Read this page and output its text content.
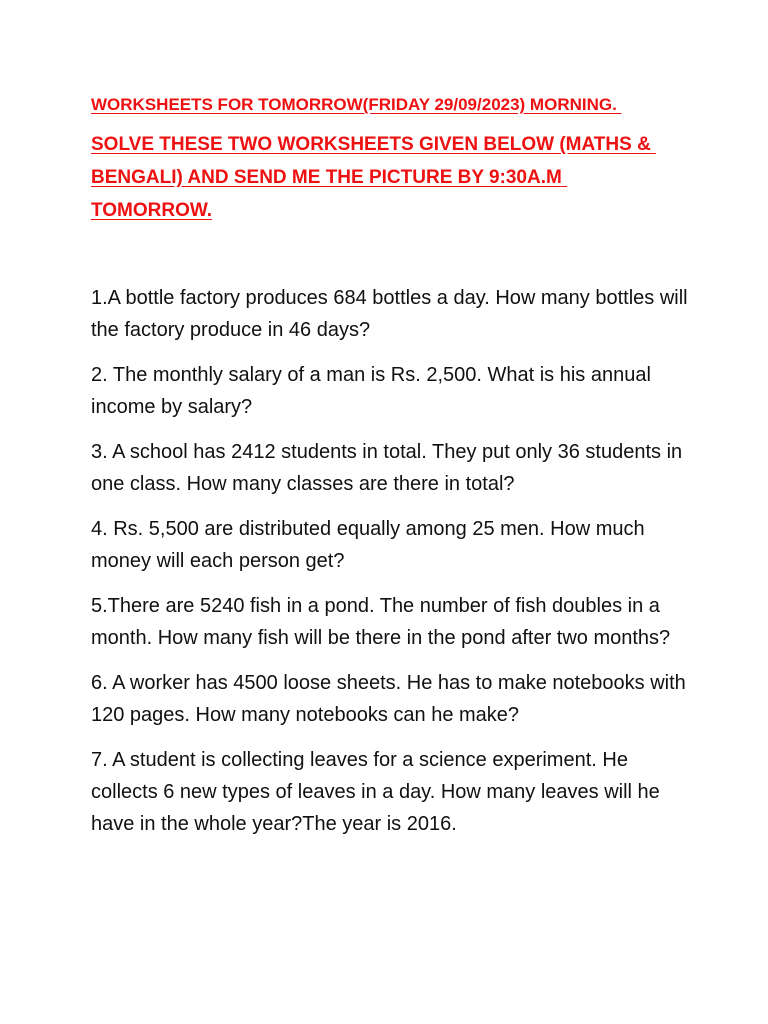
WORKSHEETS FOR TOMORROW(FRIDAY 29/09/2023) MORNING.

SOLVE THESE TWO WORKSHEETS GIVEN BELOW (MATHS & BENGALI) AND SEND ME THE PICTURE BY 9:30A.M TOMORROW.

1.A bottle factory produces 684 bottles a day. How many bottles will the factory produce in 46 days?

2. The monthly salary of a man is Rs. 2,500. What is his annual income by salary?

3. A school has 2412 students in total. They put only 36 students in one class. How many classes are there in total?

4. Rs. 5,500 are distributed equally among 25 men. How much money will each person get?

5.There are 5240 fish in a pond. The number of fish doubles in a month. How many fish will be there in the pond after two months?

6. A worker has 4500 loose sheets. He has to make notebooks with 120 pages. How many notebooks can he make?

7. A student is collecting leaves for a science experiment. He collects 6 new types of leaves in a day. How many leaves will he have in the whole year?The year is 2016.
